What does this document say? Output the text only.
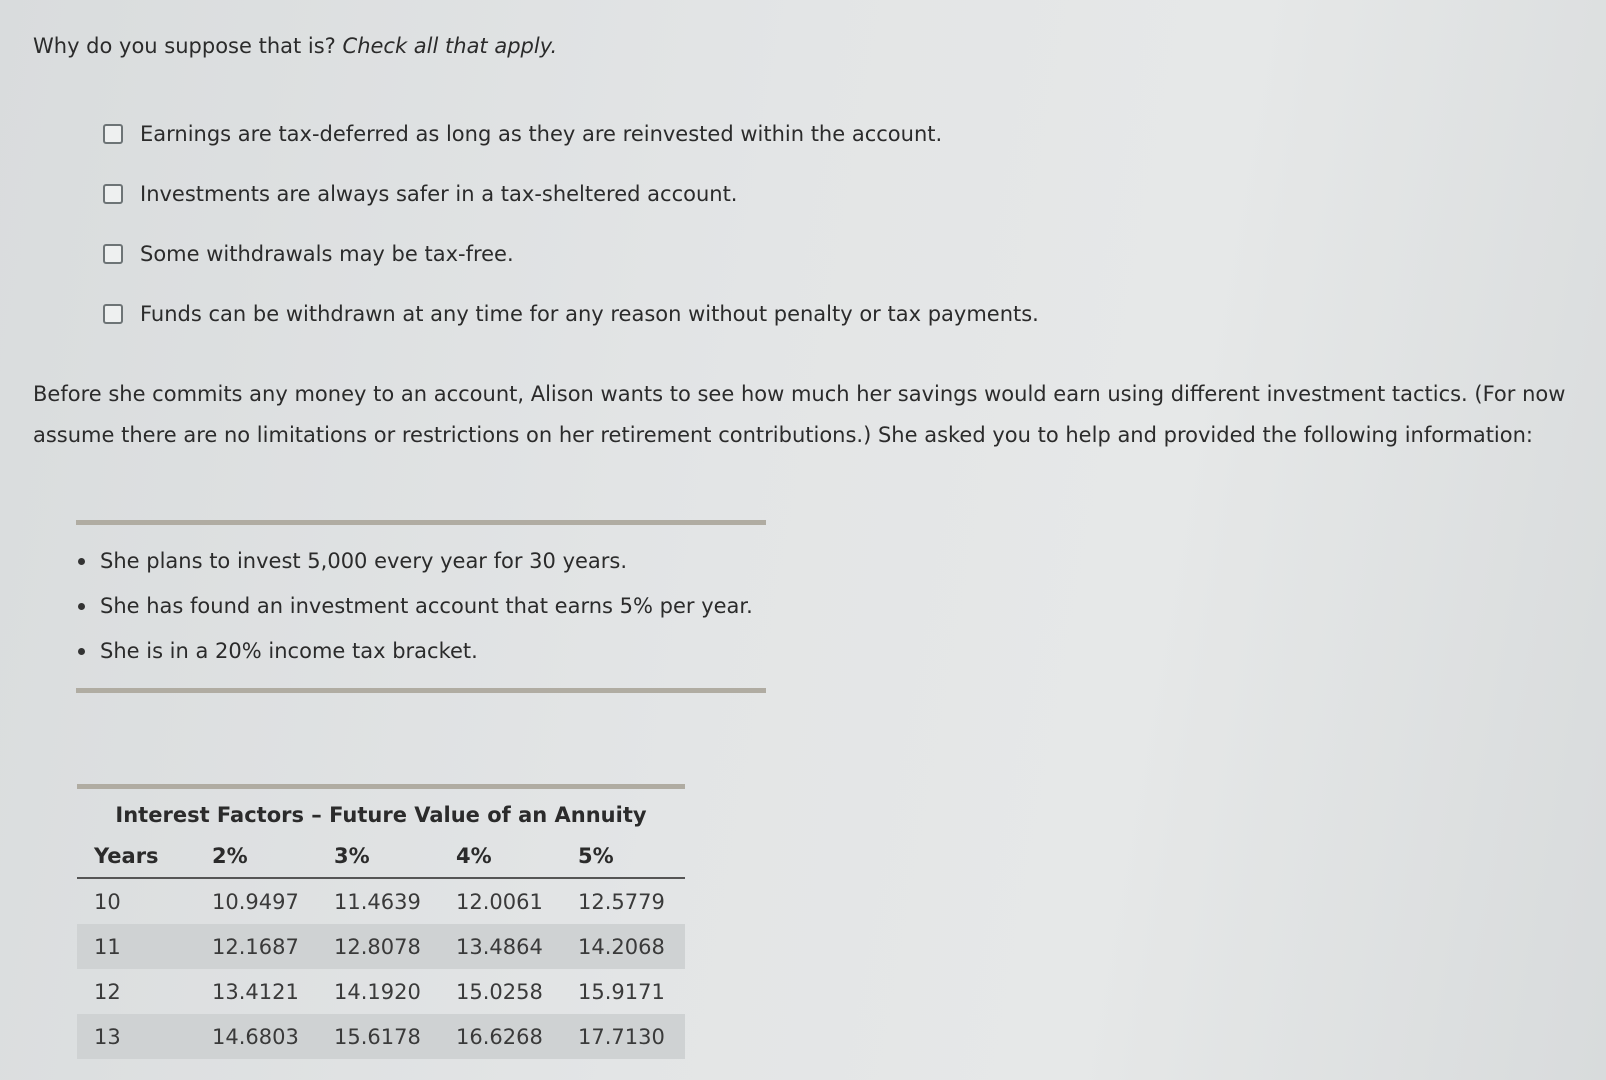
Why do you suppose that is? Check all that apply.
Earnings are tax-deferred as long as they are reinvested within the account.
Investments are always safer in a tax-sheltered account.
Some withdrawals may be tax-free.
Funds can be withdrawn at any time for any reason without penalty or tax payments.
Before she commits any money to an account, Alison wants to see how much her savings would earn using different investment tactics. (For now assume there are no limitations or restrictions on her retirement contributions.) She asked you to help and provided the following information:
She plans to invest 5,000 every year for 30 years.
She has found an investment account that earns 5% per year.
She is in a 20% income tax bracket.
Interest Factors – Future Value of an Annuity
Years	2%	3%	4%	5%
10	10.9497	11.4639	12.0061	12.5779
11	12.1687	12.8078	13.4864	14.2068
12	13.4121	14.1920	15.0258	15.9171
13	14.6803	15.6178	16.6268	17.7130
